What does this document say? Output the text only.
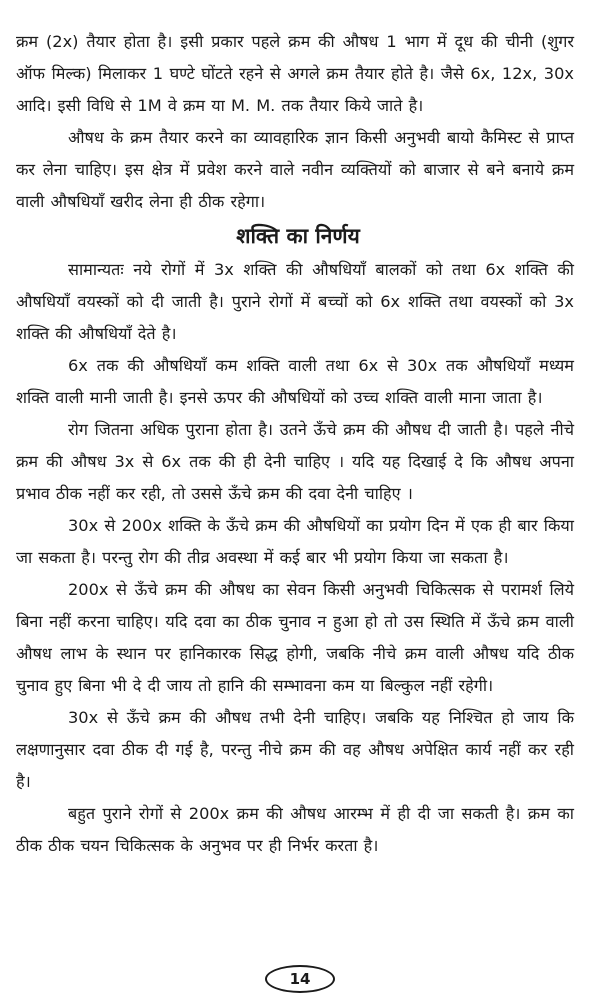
क्रम (2x) तैयार होता है। इसी प्रकार पहले क्रम की औषध 1 भाग में दूध की चीनी (शुगर ऑफ मिल्क) मिलाकर 1 घण्टे घोंटते रहने से अगले क्रम तैयार होते है। जैसे 6x, 12x, 30x आदि। इसी विधि से 1M वे क्रम या M. M. तक तैयार किये जाते है।

औषध के क्रम तैयार करने का व्यावहारिक ज्ञान किसी अनुभवी बायो कैमिस्ट से प्राप्त कर लेना चाहिए। इस क्षेत्र में प्रवेश करने वाले नवीन व्यक्तियों को बाजार से बने बनाये क्रम वाली औषधियाँ खरीद लेना ही ठीक रहेगा।

शक्ति का निर्णय

सामान्यतः नये रोगों में 3x शक्ति की औषधियाँ बालकों को तथा 6x शक्ति की औषधियाँ वयस्कों को दी जाती है। पुराने रोगों में बच्चों को 6x शक्ति तथा वयस्कों को 3x शक्ति की औषधियाँ देते है।

6x तक की औषधियाँ कम शक्ति वाली तथा 6x से 30x तक औषधियाँ मध्यम शक्ति वाली मानी जाती है। इनसे ऊपर की औषधियों को उच्च शक्ति वाली माना जाता है।

रोग जितना अधिक पुराना होता है। उतने ऊँचे क्रम की औषध दी जाती है। पहले नीचे क्रम की औषध 3x से 6x तक की ही देनी चाहिए । यदि यह दिखाई दे कि औषध अपना प्रभाव ठीक नहीं कर रही, तो उससे ऊँचे क्रम की दवा देनी चाहिए ।

30x से 200x शक्ति के ऊँचे क्रम की औषधियों का प्रयोग दिन में एक ही बार किया जा सकता है। परन्तु रोग की तीव्र अवस्था में कई बार भी प्रयोग किया जा सकता है।

200x से ऊँचे क्रम की औषध का सेवन किसी अनुभवी चिकित्सक से परामर्श लिये बिना नहीं करना चाहिए। यदि दवा का ठीक चुनाव न हुआ हो तो उस स्थिति में ऊँचे क्रम वाली औषध लाभ के स्थान पर हानिकारक सिद्ध होगी, जबकि नीचे क्रम वाली औषध यदि ठीक चुनाव हुए बिना भी दे दी जाय तो हानि की सम्भावना कम या बिल्कुल नहीं रहेगी।

30x से ऊँचे क्रम की औषध तभी देनी चाहिए। जबकि यह निश्चित हो जाय कि लक्षणानुसार दवा ठीक दी गई है, परन्तु नीचे क्रम की वह औषध अपेक्षित कार्य नहीं कर रही है।

बहुत पुराने रोगों से 200x क्रम की औषध आरम्भ में ही दी जा सकती है। क्रम का ठीक ठीक चयन चिकित्सक के अनुभव पर ही निर्भर करता है।

14
